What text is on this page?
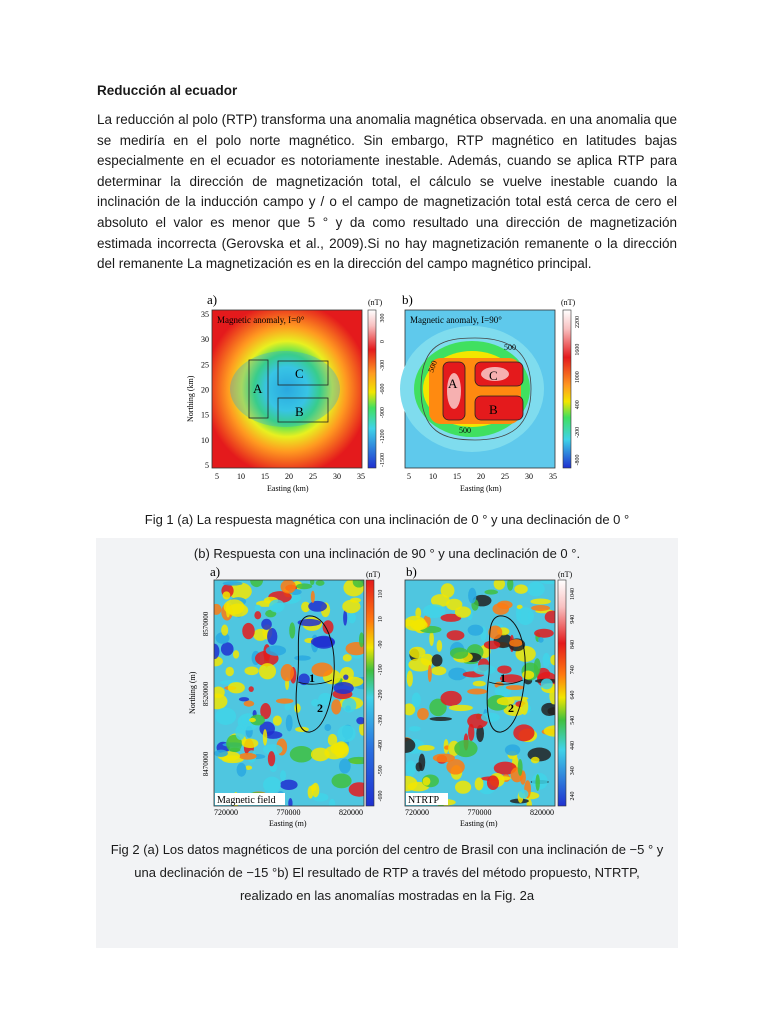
Reducción al ecuador
La reducción al polo (RTP) transforma una anomalia magnética observada. en una anomalia que
se mediría en el polo norte magnético. Sin embargo, RTP magnético en latitudes bajas
especialmente en el ecuador es notoriamente inestable. Además, cuando se aplica RTP para
determinar la dirección de magnetización total, el cálculo se vuelve inestable cuando la
inclinación de la inducción campo y / o el campo de magnetización total está cerca de cero el
absoluto el valor es menor que 5 ° y da como resultado una dirección de magnetización
estimada incorrecta (Gerovska et al., 2009).Si no hay magnetización remanente o la dirección
del remanente La magnetización es en la dirección del campo magnético principal.
a)	(nT)
A
C
B
Magnetic anomaly, I=0°
Northing (km)
Easting (km)
5 10 15 20 25 30 35
35
30
25
20
15
10
5
300
0
-300
-600
-900
-1200
-1500
b)	(nT)
500
500
500
A
C
B
Magnetic anomaly, I=90°
Easting (km)
5 10 15 20 25 30 35
2200
1600
1000
400
-200
-800

Fig 1 (a) La respuesta magnética con una inclinación de 0 ° y una declinación de 0 °

(b) Respuesta con una inclinación de 90 ° y una declinación de 0 °.

a)	(nT)
1
2
Magnetic field
Northing (m)
Easting (m)
720000	770000	820000
8570000
8520000
8470000
110
10
-90
-190
-290
-390
-490
-590
-690
b)	(nT)
1
2
NTRTP
Easting (m)
720000	770000	820000
1040
940
840
740
640
540
440
340
240
Fig 2 (a) Los datos magnéticos de una porción del centro de Brasil con una inclinación de −5 ° y
una declinación de −15 °b) El resultado de RTP a través del método propuesto, NTRTP,
realizado en las anomalías mostradas en la Fig. 2a
